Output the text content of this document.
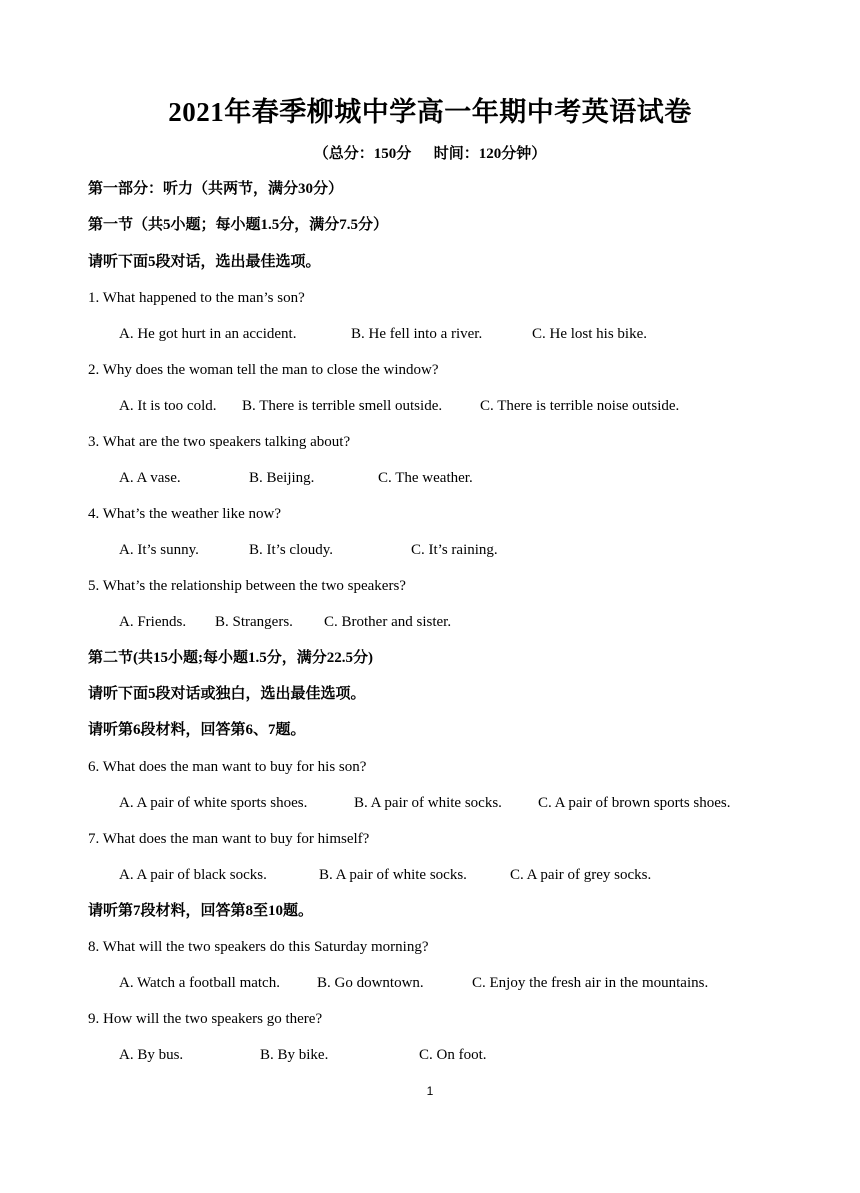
2021年春季柳城中学高一年期中考英语试卷
（总分：150分      时间：120分钟）
第一部分：听力（共两节，满分30分）
第一节（共5小题；每小题1.5分，满分7.5分）
请听下面5段对话，选出最佳选项。
1. What happened to the man’s son?
A. He got hurt in an accident.	B. He fell into a river.	C. He lost his bike.
2. Why does the woman tell the man to close the window?
A. It is too cold. B. There is terrible smell outside.	C. There is terrible noise outside.
3. What are the two speakers talking about?
A. A vase.	B. Beijing.	C. The weather.
4. What’s the weather like now?
A. It’s sunny.	B. It’s cloudy.	C. It’s raining.
5. What’s the relationship between the two speakers?
A. Friends. B. Strangers. C. Brother and sister.
第二节(共15小题;每小题1.5分，满分22.5分)
请听下面5段对话或独白，选出最佳选项。
请听第6段材料，回答第6、7题。
6. What does the man want to buy for his son?
A. A pair of white sports shoes.	B. A pair of white socks. C. A pair of brown sports shoes.
7. What does the man want to buy for himself?
A. A pair of black socks.	B. A pair of white socks.	C. A pair of grey socks.
请听第7段材料，回答第8至10题。
8. What will the two speakers do this Saturday morning?
A. Watch a football match. B. Go downtown.	C. Enjoy the fresh air in the mountains.
9. How will the two speakers go there?
A. By bus.	B. By bike.	C. On foot.
1
